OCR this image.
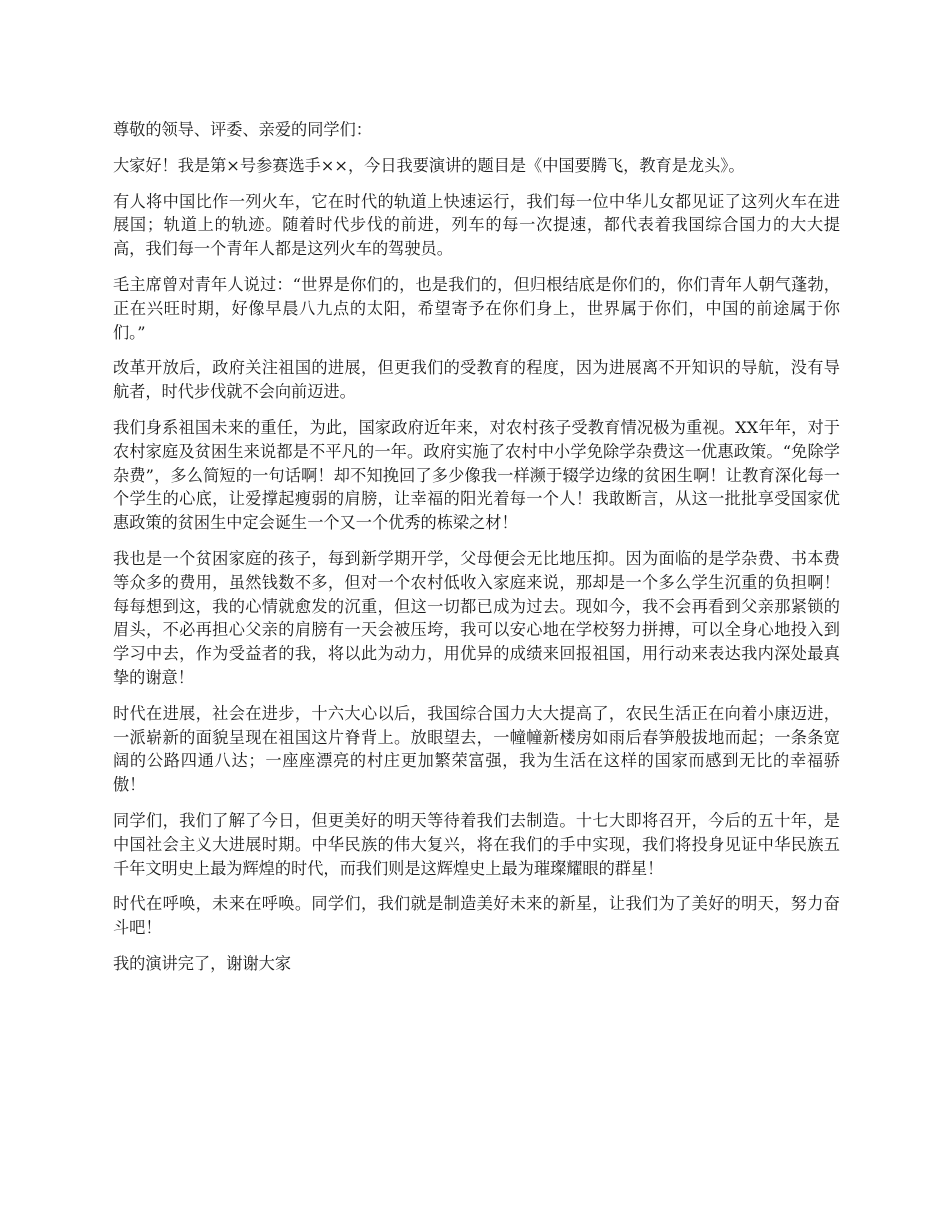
尊敬的领导、评委、亲爱的同学们：

大家好！我是第×号参赛选手××，今日我要演讲的题目是《中国要腾飞，教育是龙头》。

有人将中国比作一列火车，它在时代的轨道上快速运行，我们每一位中华儿女都见证了这列火车在进展国；轨道上的轨迹。随着时代步伐的前进，列车的每一次提速，都代表着我国综合国力的大大提高，我们每一个青年人都是这列火车的驾驶员。

毛主席曾对青年人说过：“世界是你们的，也是我们的，但归根结底是你们的，你们青年人朝气蓬勃，正在兴旺时期，好像早晨八九点的太阳，希望寄予在你们身上，世界属于你们，中国的前途属于你们。”

改革开放后，政府关注祖国的进展，但更我们的受教育的程度，因为进展离不开知识的导航，没有导航者，时代步伐就不会向前迈进。

我们身系祖国未来的重任，为此，国家政府近年来，对农村孩子受教育情况极为重视。XX年年，对于农村家庭及贫困生来说都是不平凡的一年。政府实施了农村中小学免除学杂费这一优惠政策。“免除学杂费”，多么简短的一句话啊！却不知挽回了多少像我一样濒于辍学边缘的贫困生啊！让教育深化每一个学生的心底，让爱撑起瘦弱的肩膀，让幸福的阳光着每一个人！我敢断言，从这一批批享受国家优惠政策的贫困生中定会诞生一个又一个优秀的栋梁之材！

我也是一个贫困家庭的孩子，每到新学期开学，父母便会无比地压抑。因为面临的是学杂费、书本费等众多的费用，虽然钱数不多，但对一个农村低收入家庭来说，那却是一个多么学生沉重的负担啊！每每想到这，我的心情就愈发的沉重，但这一切都已成为过去。现如今，我不会再看到父亲那紧锁的眉头，不必再担心父亲的肩膀有一天会被压垮，我可以安心地在学校努力拼搏，可以全身心地投入到学习中去，作为受益者的我，将以此为动力，用优异的成绩来回报祖国，用行动来表达我内深处最真挚的谢意！

时代在进展，社会在进步，十六大心以后，我国综合国力大大提高了，农民生活正在向着小康迈进，一派崭新的面貌呈现在祖国这片脊背上。放眼望去，一幢幢新楼房如雨后春笋般拔地而起；一条条宽阔的公路四通八达；一座座漂亮的村庄更加繁荣富强，我为生活在这样的国家而感到无比的幸福骄傲！

同学们，我们了解了今日，但更美好的明天等待着我们去制造。十七大即将召开，今后的五十年，是中国社会主义大进展时期。中华民族的伟大复兴，将在我们的手中实现，我们将投身见证中华民族五千年文明史上最为辉煌的时代，而我们则是这辉煌史上最为璀璨耀眼的群星！

时代在呼唤，未来在呼唤。同学们，我们就是制造美好未来的新星，让我们为了美好的明天，努力奋斗吧！

我的演讲完了，谢谢大家
